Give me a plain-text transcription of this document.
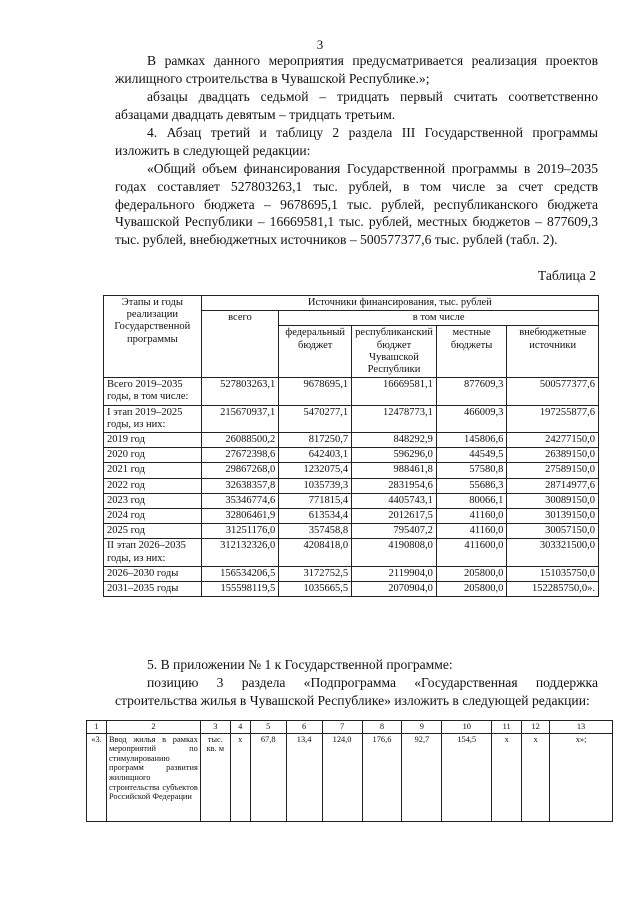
3

В рамках данного мероприятия предусматривается реализация проектов жилищного строительства в Чувашской Республике.»;

абзацы двадцать седьмой – тридцать первый считать соответственно абзацами двадцать девятым – тридцать третьим.

4. Абзац третий и таблицу 2 раздела III Государственной программы изложить в следующей редакции:

«Общий объем финансирования Государственной программы в 2019–2035 годах составляет 527803263,1 тыс. рублей, в том числе за счет средств федерального бюджета – 9678695,1 тыс. рублей, республиканского бюджета Чувашской Республики – 16669581,1 тыс. рублей, местных бюджетов – 877609,3 тыс. рублей, внебюджетных источников – 500577377,6 тыс. рублей (табл. 2).

Таблица 2
Этапы и годы реализации Государственной программы	Источники финансирования, тыс. рублей				
	всего	в том числе			
		федеральный бюджет	республиканский бюджет Чувашской Республики	местные бюджеты	внебюджетные источники
Всего 2019–2035 годы, в том числе:	527803263,1	9678695,1	16669581,1	877609,3	500577377,6
I этап 2019–2025 годы, из них:	215670937,1	5470277,1	12478773,1	466009,3	197255877,6
2019 год	26088500,2	817250,7	848292,9	145806,6	24277150,0
2020 год	27672398,6	642403,1	596296,0	44549,5	26389150,0
2021 год	29867268,0	1232075,4	988461,8	57580,8	27589150,0
2022 год	32638357,8	1035739,3	2831954,6	55686,3	28714977,6
2023 год	35346774,6	771815,4	4405743,1	80066,1	30089150,0
2024 год	32806461,9	613534,4	2012617,5	41160,0	30139150,0
2025 год	31251176,0	357458,8	795407,2	41160,0	30057150,0
II этап 2026–2035 годы, из них:	312132326,0	4208418,0	4190808,0	411600,0	303321500,0
2026–2030 годы	156534206,5	3172752,5	2119904,0	205800,0	151035750,0
2031–2035 годы	155598119,5	1035665,5	2070904,0	205800,0	152285750,0».

5. В приложении № 1 к Государственной программе:

позицию 3 раздела «Подпрограмма «Государственная поддержка строительства жилья в Чувашской Республике» изложить в следующей редакции:

1	2	3	4	5	6	7	8	9	10	11	12	13
«3.	Ввод жилья в рамках мероприятий по стимулированию программ развития жилищного строительства субъектов Российской Федерации	тыс. кв. м	x	67,8	13,4	124,0	176,6	92,7	154,5	x	x	x»;
